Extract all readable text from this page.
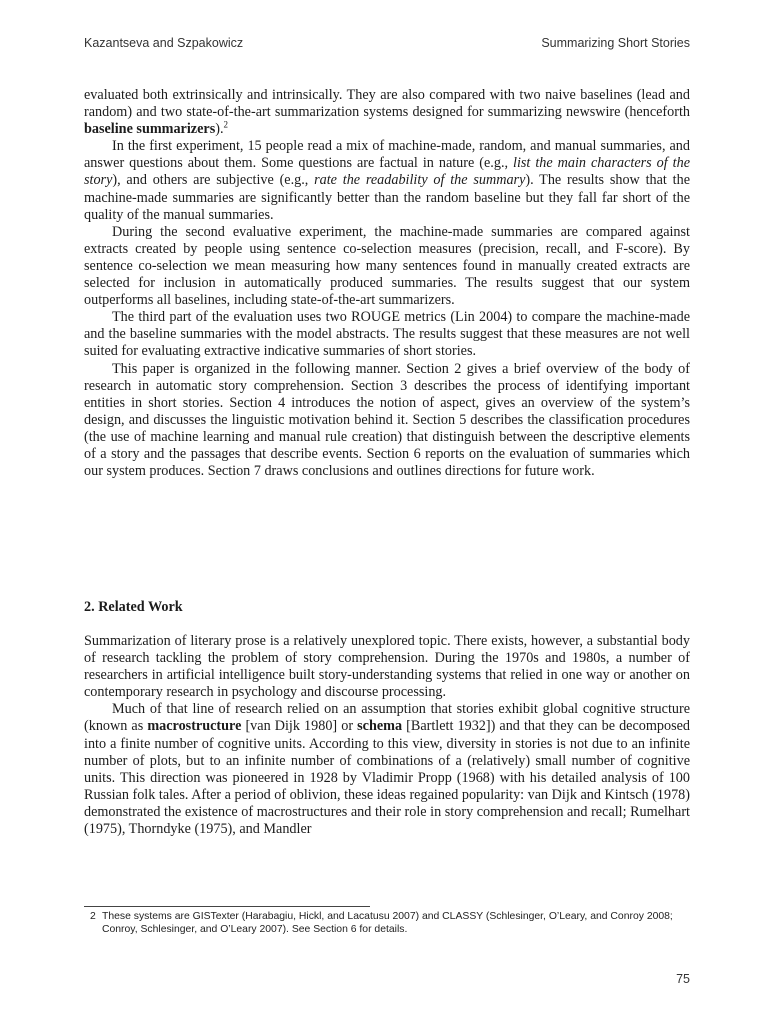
Kazantseva and Szpakowicz	Summarizing Short Stories

evaluated both extrinsically and intrinsically. They are also compared with two naive baselines (lead and random) and two state-of-the-art summarization systems designed for summarizing newswire (henceforth baseline summarizers).$^2$

In the first experiment, 15 people read a mix of machine-made, random, and manual summaries, and answer questions about them. Some questions are factual in nature (e.g., list the main characters of the story), and others are subjective (e.g., rate the readability of the summary). The results show that the machine-made summaries are significantly better than the random baseline but they fall far short of the quality of the manual summaries.

During the second evaluative experiment, the machine-made summaries are compared against extracts created by people using sentence co-selection measures (precision, recall, and F-score). By sentence co-selection we mean measuring how many sentences found in manually created extracts are selected for inclusion in automatically produced summaries. The results suggest that our system outperforms all baselines, including state-of-the-art summarizers.

The third part of the evaluation uses two ROUGE metrics (Lin 2004) to compare the machine-made and the baseline summaries with the model abstracts. The results suggest that these measures are not well suited for evaluating extractive indicative summaries of short stories.

This paper is organized in the following manner. Section 2 gives a brief overview of the body of research in automatic story comprehension. Section 3 describes the process of identifying important entities in short stories. Section 4 introduces the notion of aspect, gives an overview of the system’s design, and discusses the linguistic motivation behind it. Section 5 describes the classification procedures (the use of machine learning and manual rule creation) that distinguish between the descriptive elements of a story and the passages that describe events. Section 6 reports on the evaluation of summaries which our system produces. Section 7 draws conclusions and outlines directions for future work.

2. Related Work

Summarization of literary prose is a relatively unexplored topic. There exists, however, a substantial body of research tackling the problem of story comprehension. During the 1970s and 1980s, a number of researchers in artificial intelligence built story-understanding systems that relied in one way or another on contemporary research in psychology and discourse processing.

Much of that line of research relied on an assumption that stories exhibit global cognitive structure (known as macrostructure [van Dijk 1980] or schema [Bartlett 1932]) and that they can be decomposed into a finite number of cognitive units. According to this view, diversity in stories is not due to an infinite number of plots, but to an infinite number of combinations of a (relatively) small number of cognitive units. This direction was pioneered in 1928 by Vladimir Propp (1968) with his detailed analysis of 100 Russian folk tales. After a period of oblivion, these ideas regained popularity: van Dijk and Kintsch (1978) demonstrated the existence of macrostructures and their role in story comprehension and recall; Rumelhart (1975), Thorndyke (1975), and Mandler

2 These systems are GISTexter (Harabagiu, Hickl, and Lacatusu 2007) and CLASSY (Schlesinger, O’Leary, and Conroy 2008; Conroy, Schlesinger, and O’Leary 2007). See Section 6 for details.
75
